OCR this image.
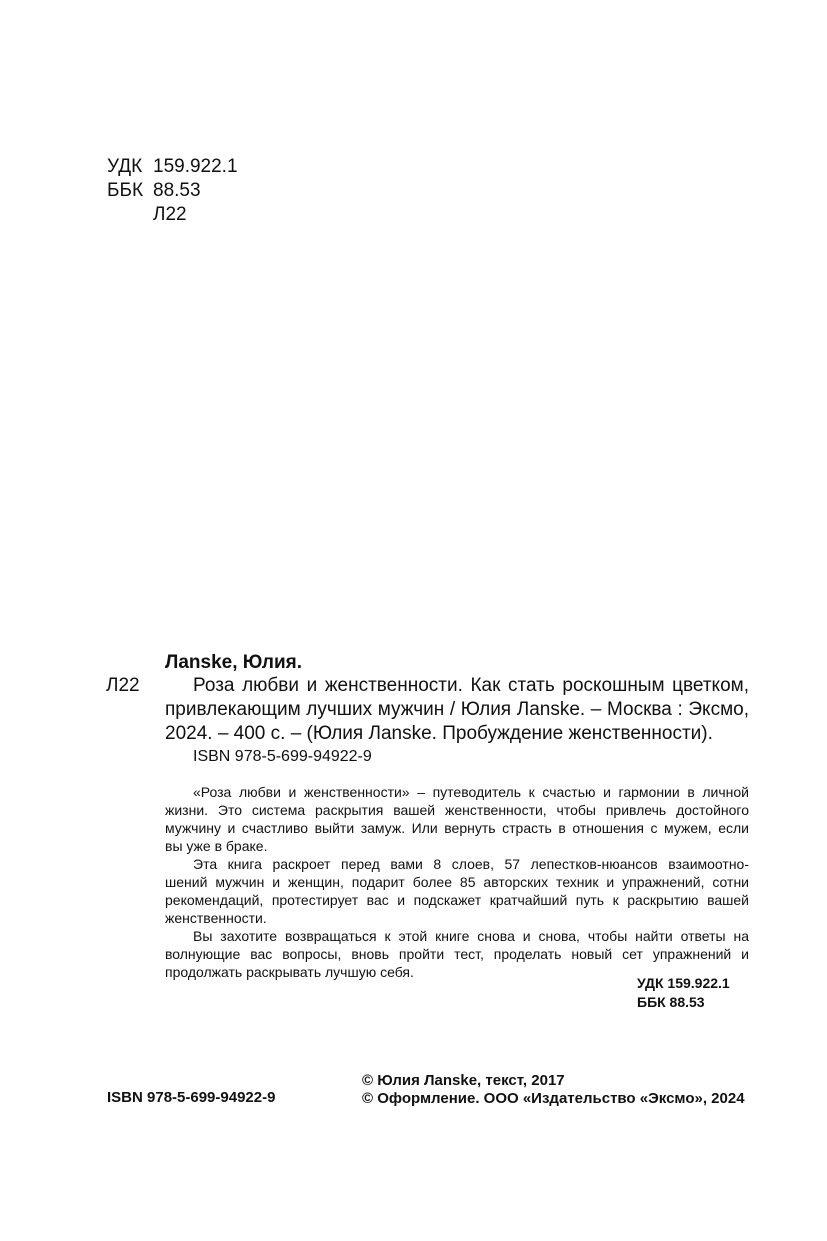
УДК 159.922.1
ББК 88.53
Л22
Лanske, Юлия.
Л22	Роза любви и женственности. Как стать роскошным цветком,
привлекающим лучших мужчин / Юлия Лanske. – Москва : Эксмо,
2024. – 400 с. – (Юлия Лanske. Пробуждение женственности).
ISBN 978-5-699-94922-9
«Роза любви и женственности» – путеводитель к счастью и гармонии в личной
жизни. Это система раскрытия вашей женственности, чтобы привлечь достойного
мужчину и счастливо выйти замуж. Или вернуть страсть в отношения с мужем, если
вы уже в браке.
Эта книга раскроет перед вами 8 слоев, 57 лепестков-нюансов взаимоотно-
шений мужчин и женщин, подарит более 85 авторских техник и упражнений, сотни
рекомендаций, протестирует вас и подскажет кратчайший путь к раскрытию вашей
женственности.
Вы захотите возвращаться к этой книге снова и снова, чтобы найти ответы на
волнующие вас вопросы, вновь пройти тест, проделать новый сет упражнений и
продолжать раскрывать лучшую себя.
УДК 159.922.1
ББК 88.53
ISBN 978-5-699-94922-9
© Юлия Лanske, текст, 2017
© Оформление. ООО «Издательство «Эксмо», 2024
